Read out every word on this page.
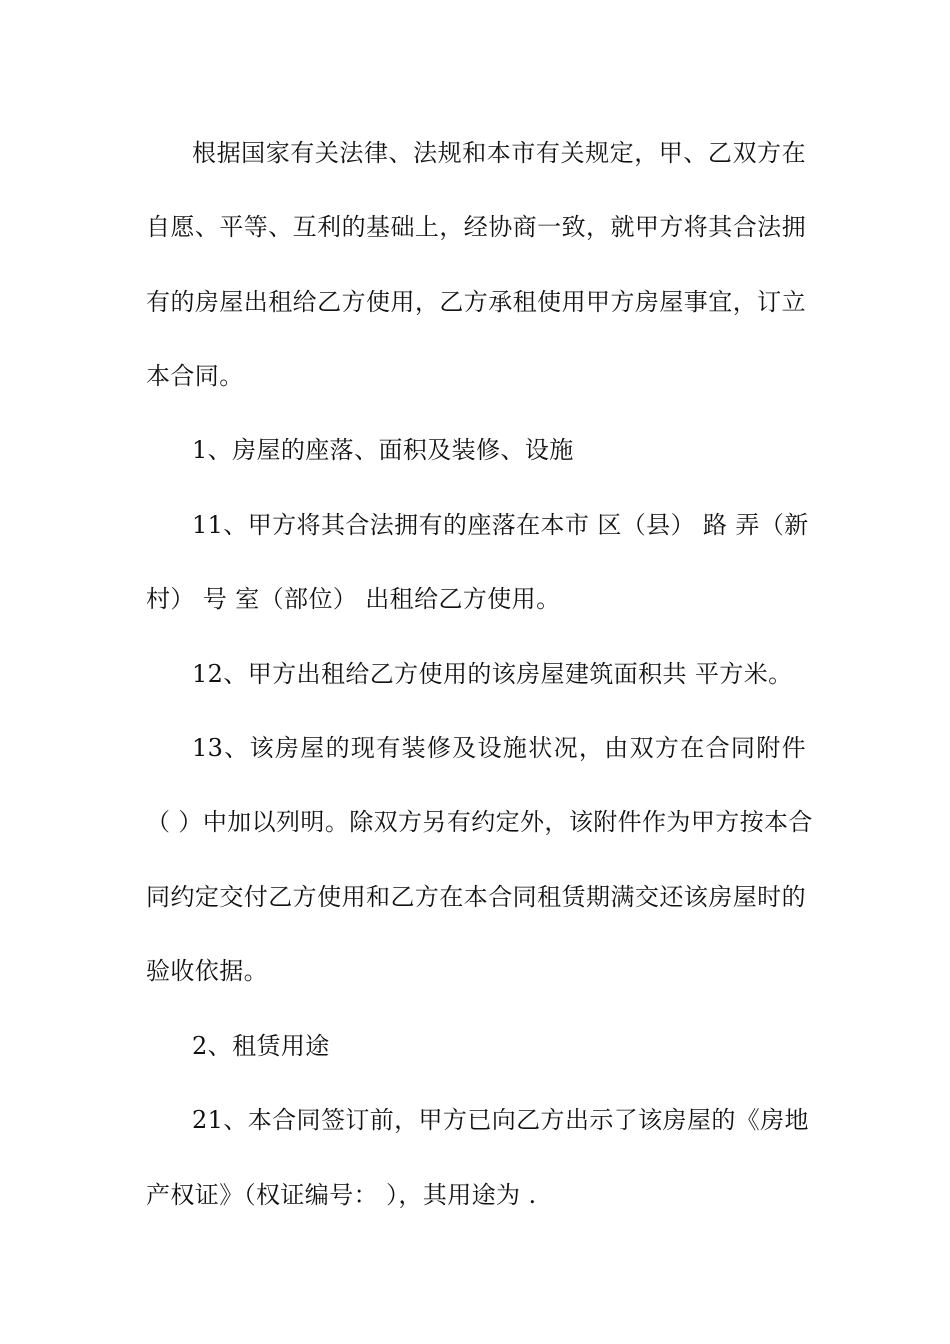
根据国家有关法律、法规和本市有关规定，甲、乙双方在
自愿、平等、互利的基础上，经协商一致，就甲方将其合法拥
有的房屋出租给乙方使用，乙方承租使用甲方房屋事宜，订立
本合同。
1、房屋的座落、面积及装修、设施
11、甲方将其合法拥有的座落在本市 区（县） 路 弄（新
村） 号 室（部位） 出租给乙方使用。
12、甲方出租给乙方使用的该房屋建筑面积共 平方米。
13、该房屋的现有装修及设施状况，由双方在合同附件
（ ）中加以列明。除双方另有约定外，该附件作为甲方按本合
同约定交付乙方使用和乙方在本合同租赁期满交还该房屋时的
验收依据。
2、租赁用途
21、本合同签订前，甲方已向乙方出示了该房屋的《房地
产权证》（权证编号： ），其用途为 .
